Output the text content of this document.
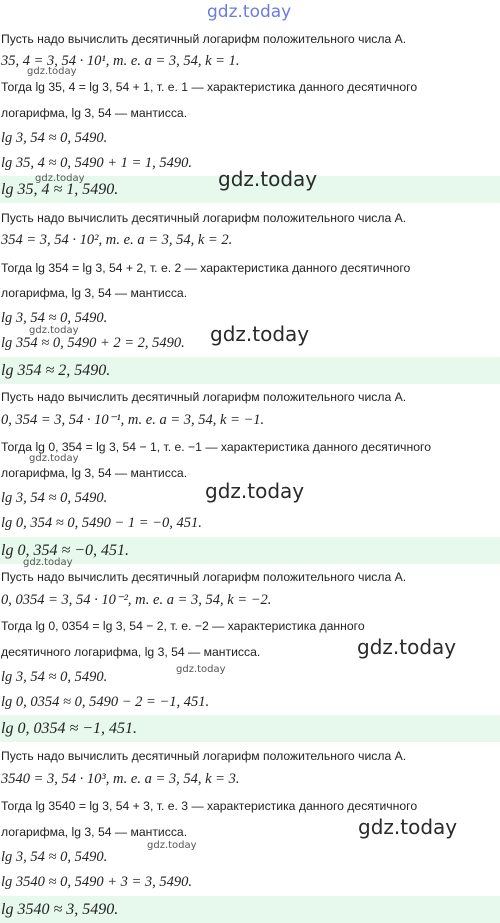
gdz.today
Пусть надо вычислить десятичный логарифм положительного числа A.
35, 4 = 3, 54 · 10¹, т. е. a = 3, 54, k = 1.
Тогда lg 35, 4 = lg 3, 54 + 1, т. е. 1 — характеристика данного десятичного
логарифма, lg 3, 54 — мантисса.
lg 3, 54 ≈ 0, 5490.
lg 35, 4 ≈ 0, 5490 + 1 = 1, 5490.
lg 35, 4 ≈ 1, 5490.
Пусть надо вычислить десятичный логарифм положительного числа A.
354 = 3, 54 · 10², т. е. a = 3, 54, k = 2.
Тогда lg 354 = lg 3, 54 + 2, т. е. 2 — характеристика данного десятичного
логарифма, lg 3, 54 — мантисса.
lg 3, 54 ≈ 0, 5490.
lg 354 ≈ 0, 5490 + 2 = 2, 5490.
lg 354 ≈ 2, 5490.
Пусть надо вычислить десятичный логарифм положительного числа A.
0, 354 = 3, 54 · 10⁻¹, т. е. a = 3, 54, k = −1.
Тогда lg 0, 354 = lg 3, 54 − 1, т. е. −1 — характеристика данного десятичного
логарифма, lg 3, 54 — мантисса.
lg 3, 54 ≈ 0, 5490.
lg 0, 354 ≈ 0, 5490 − 1 = −0, 451.
lg 0, 354 ≈ −0, 451.
Пусть надо вычислить десятичный логарифм положительного числа A.
0, 0354 = 3, 54 · 10⁻², т. е. a = 3, 54, k = −2.
Тогда lg 0, 0354 = lg 3, 54 − 2, т. е. −2 — характеристика данного
десятичного логарифма, lg 3, 54 — мантисса.
lg 3, 54 ≈ 0, 5490.
lg 0, 0354 ≈ 0, 5490 − 2 = −1, 451.
lg 0, 0354 ≈ −1, 451.
Пусть надо вычислить десятичный логарифм положительного числа A.
3540 = 3, 54 · 10³, т. е. a = 3, 54, k = 3.
Тогда lg 3540 = lg 3, 54 + 3, т. е. 3 — характеристика данного десятичного
логарифма, lg 3, 54 — мантисса.
lg 3, 54 ≈ 0, 5490.
lg 3540 ≈ 0, 5490 + 3 = 3, 5490.
lg 3540 ≈ 3, 5490.
gdz.today
gdz.today
gdz.today
gdz.today
gdz.today
gdz.today
gdz.today
gdz.today
gdz.today
gdz.today
gdz.today
gdz.today
